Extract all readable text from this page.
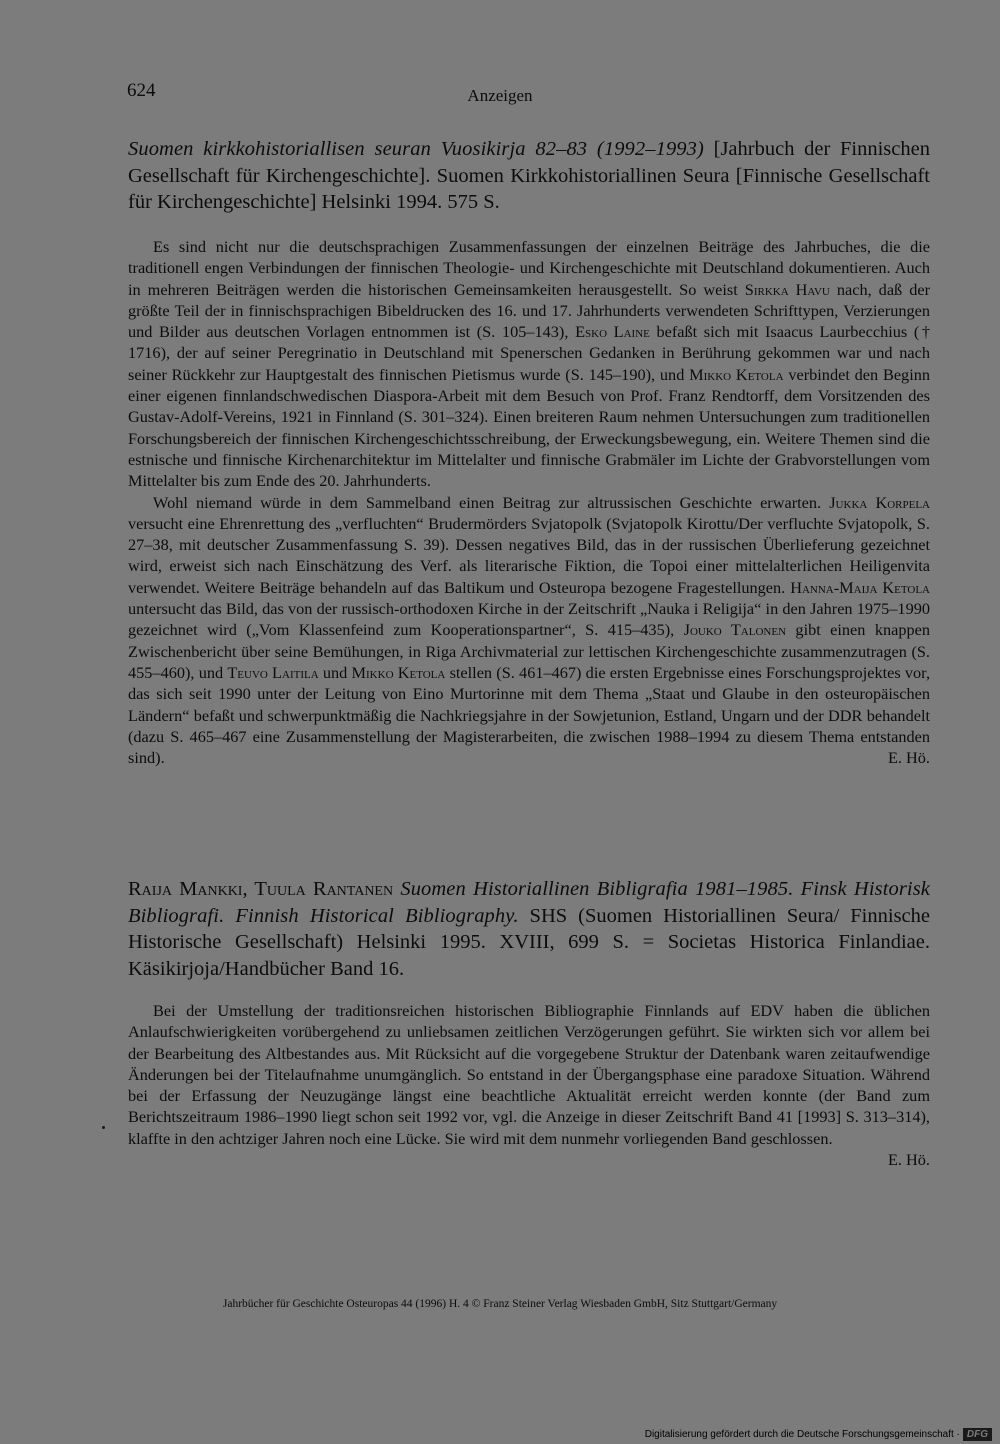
624	Anzeigen

Suomen kirkkohistoriallisen seuran Vuosikirja 82–83 (1992–1993) [Jahrbuch der Finnischen Gesellschaft für Kirchengeschichte]. Suomen Kirkkohistoriallinen Seura [Finnische Gesellschaft für Kirchengeschichte] Helsinki 1994. 575 S.

Es sind nicht nur die deutschsprachigen Zusammenfassungen der einzelnen Beiträge des Jahrbuches, die die traditionell engen Verbindungen der finnischen Theologie- und Kirchengeschichte mit Deutschland dokumentieren. Auch in mehreren Beiträgen werden die historischen Gemeinsamkeiten herausgestellt. So weist Sirkka Havu nach, daß der größte Teil der in finnischsprachigen Bibeldrucken des 16. und 17. Jahrhunderts verwendeten Schrifttypen, Verzierungen und Bilder aus deutschen Vorlagen entnommen ist (S. 105–143), Esko Laine befaßt sich mit Isaacus Laurbecchius († 1716), der auf seiner Peregrinatio in Deutschland mit Spenerschen Gedanken in Berührung gekommen war und nach seiner Rückkehr zur Hauptgestalt des finnischen Pietismus wurde (S. 145–190), und Mikko Ketola verbindet den Beginn einer eigenen finnlandschwedischen Diaspora-Arbeit mit dem Besuch von Prof. Franz Rendtorff, dem Vorsitzenden des Gustav-Adolf-Vereins, 1921 in Finnland (S. 301–324). Einen breiteren Raum nehmen Untersuchungen zum traditionellen Forschungsbereich der finnischen Kirchengeschichtsschreibung, der Erweckungsbewegung, ein. Weitere Themen sind die estnische und finnische Kirchenarchitektur im Mittelalter und finnische Grabmäler im Lichte der Grabvorstellungen vom Mittelalter bis zum Ende des 20. Jahrhunderts.

Wohl niemand würde in dem Sammelband einen Beitrag zur altrussischen Geschichte erwarten. Jukka Korpela versucht eine Ehrenrettung des „verfluchten“ Brudermörders Svjatopolk (Svjatopolk Kirottu/Der verfluchte Svjatopolk, S. 27–38, mit deutscher Zusammenfassung S. 39). Dessen negatives Bild, das in der russischen Überlieferung gezeichnet wird, erweist sich nach Einschätzung des Verf. als literarische Fiktion, die Topoi einer mittelalterlichen Heiligenvita verwendet. Weitere Beiträge behandeln auf das Baltikum und Osteuropa bezogene Fragestellungen. Hanna-Maija Ketola untersucht das Bild, das von der russisch-orthodoxen Kirche in der Zeitschrift „Nauka i Religija“ in den Jahren 1975–1990 gezeichnet wird („Vom Klassenfeind zum Kooperationspartner“, S. 415–435), Jouko Talonen gibt einen knappen Zwischenbericht über seine Bemühungen, in Riga Archivmaterial zur lettischen Kirchengeschichte zusammenzutragen (S. 455–460), und Teuvo Laitila und Mikko Ketola stellen (S. 461–467) die ersten Ergebnisse eines Forschungsprojektes vor, das sich seit 1990 unter der Leitung von Eino Murtorinne mit dem Thema „Staat und Glaube in den osteuropäischen Ländern“ befaßt und schwerpunktmäßig die Nachkriegsjahre in der Sowjetunion, Estland, Ungarn und der DDR behandelt (dazu S. 465–467 eine Zusammenstellung der Magisterarbeiten, die zwischen 1988–1994 zu diesem Thema entstanden sind).	E. Hö.

Raija Mankki, Tuula Rantanen Suomen Historiallinen Bibligrafia 1981–1985. Finsk Historisk Bibliografi. Finnish Historical Bibliography. SHS (Suomen Historiallinen Seura/ Finnische Historische Gesellschaft) Helsinki 1995. XVIII, 699 S. = Societas Historica Finlandiae. Käsikirjoja/Handbücher Band 16.

Bei der Umstellung der traditionsreichen historischen Bibliographie Finnlands auf EDV haben die üblichen Anlaufschwierigkeiten vorübergehend zu unliebsamen zeitlichen Verzögerungen geführt. Sie wirkten sich vor allem bei der Bearbeitung des Altbestandes aus. Mit Rücksicht auf die vorgegebene Struktur der Datenbank waren zeitaufwendige Änderungen bei der Titelaufnahme unumgänglich. So entstand in der Übergangsphase eine paradoxe Situation. Während bei der Erfassung der Neuzugänge längst eine beachtliche Aktualität erreicht werden konnte (der Band zum Berichtszeitraum 1986–1990 liegt schon seit 1992 vor, vgl. die Anzeige in dieser Zeitschrift Band 41 [1993] S. 313–314), klaffte in den achtziger Jahren noch eine Lücke. Sie wird mit dem nunmehr vorliegenden Band geschlossen.

E. Hö.
Jahrbücher für Geschichte Osteuropas 44 (1996) H. 4 © Franz Steiner Verlag Wiesbaden GmbH, Sitz Stuttgart/Germany
Digitalisierung gefördert durch die Deutsche Forschungsgemeinschaft · DFG
